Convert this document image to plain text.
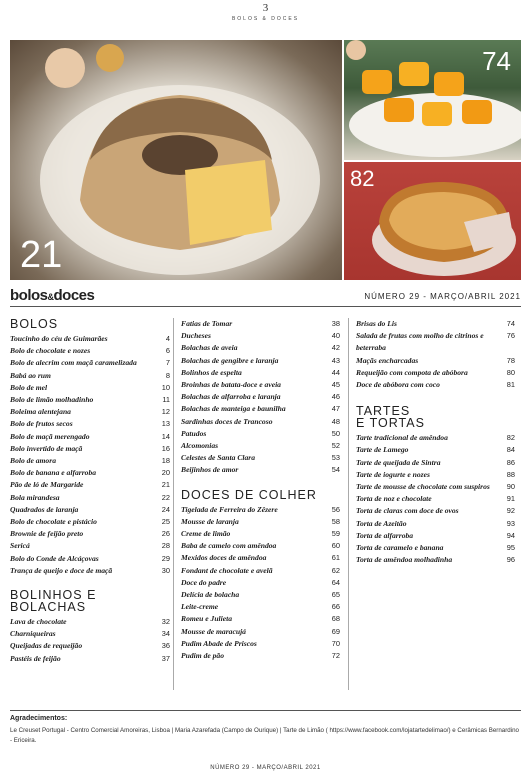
3
BOLOS & DOCES
21
74
82
bolos&doces	NÚMERO 29 - MARÇO/ABRIL 2021
BOLOS
Toucinho do céu de Guimarães	4
Bolo de chocolate e nozes	6
Bolo de alecrim com maçã caramelizada	7
Babá ao rum	8
Bolo de mel	10
Bolo de limão molhadinho	11
Boleima alentejana	12
Bolo de frutos secos	13
Bolo de maçã merengado	14
Bolo invertido de maçã	16
Bolo de amora	18
Bolo de banana e alfarroba	20
Pão de ló de Margaride	21
Bola mirandesa	22
Quadrados de laranja	24
Bolo de chocolate e pistácio	25
Brownie de feijão preto	26
Sericá	28
Bolo do Conde de Alcáçovas	29
Trança de queijo e doce de maçã	30
BOLINHOS E
BOLACHAS
Lava de chocolate	32
Charniqueiras	34
Queijadas de requeijão	36
Pastéis de feijão	37
Fatias de Tomar	38
Ducheses	40
Bolachas de aveia	42
Bolachas de gengibre e laranja	43
Bolinhos de espelta	44
Broinhas de batata-doce e aveia	45
Bolachas de alfarroba e laranja	46
Bolachas de manteiga e baunilha	47
Sardinhas doces de Trancoso	48
Patudos	50
Alcomonias	52
Celestes de Santa Clara	53
Beijinhos de amor	54
DOCES DE COLHER
Tigelada de Ferreira do Zêzere	56
Mousse de laranja	58
Creme de limão	59
Baba de camelo com amêndoa	60
Mexidos doces de amêndoa	61
Fondant de chocolate e avelã	62
Doce do padre	64
Delícia de bolacha	65
Leite-creme	66
Romeu e Julieta	68
Mousse de maracujá	69
Pudim Abade de Priscos	70
Pudim de pão	72
Brisas do Lis	74
Salada de frutas com molho de citrinos e beterraba
76
Maçãs encharcadas	78
Requeijão com compota de abóbora	80
Doce de abóbora com coco	81
TARTES
E TORTAS
Tarte tradicional de amêndoa	82
Tarte de Lamego	84
Tarte de queijada de Sintra	86
Tarte de iogurte e nozes	88
Tarte de mousse de chocolate com suspiros	90
Torta de noz e chocolate	91
Torta de claras com doce de ovos	92
Torta de Azeitão	93
Torta de alfarroba	94
Torta de caramelo e banana	95
Torta de amêndoa molhadinha	96
Agradecimentos:
Le Creuset Portugal - Centro Comercial Amoreiras, Lisboa | Maria Azarefada (Campo de Ourique) | Tarte de Limão ( https://www.facebook.com/lojatartedelimao/) e Cerâmicas Bernardino - Ericeira.
NÚMERO 29 - MARÇO/ABRIL 2021
